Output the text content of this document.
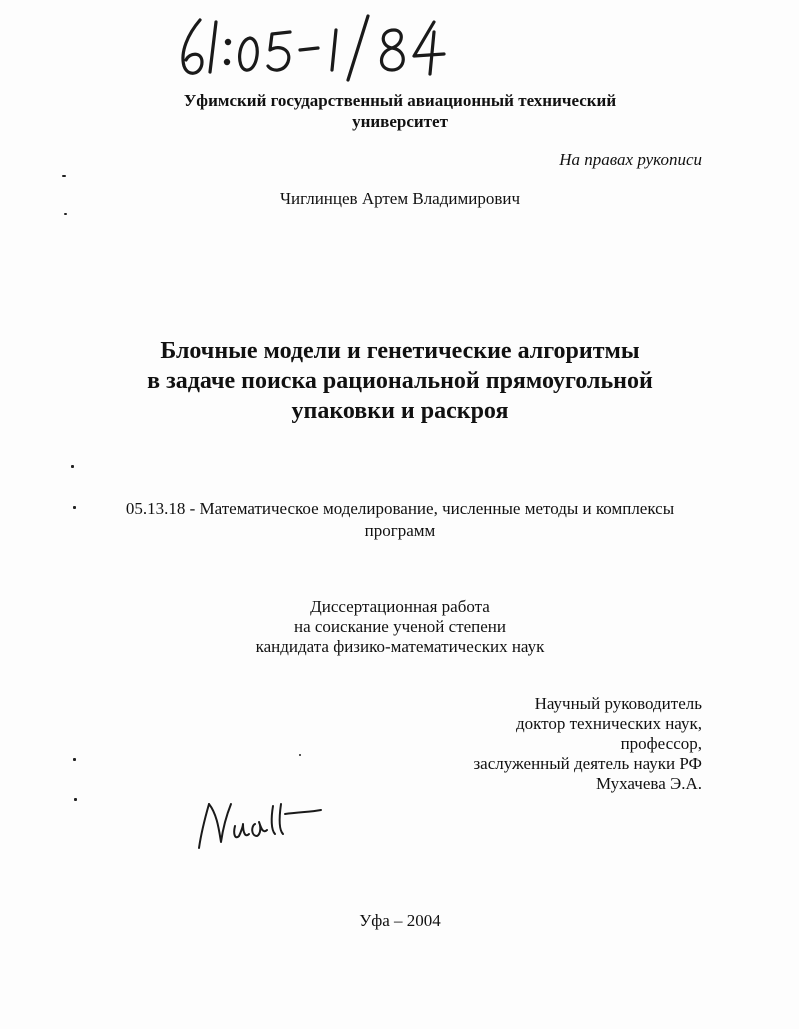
Уфимский государственный авиационный технический
университет
На правах рукописи
Чиглинцев Артем Владимирович
Блочные модели и генетические алгоритмы
в задаче поиска рациональной прямоугольной
упаковки и раскроя
05.13.18 - Математическое моделирование, численные методы и комплексы
программ
Диссертационная работа
на соискание ученой степени
кандидата физико-математических наук
Научный руководитель
доктор технических наук,
профессор,
заслуженный деятель науки РФ
Мухачева Э.А.
Уфа – 2004
